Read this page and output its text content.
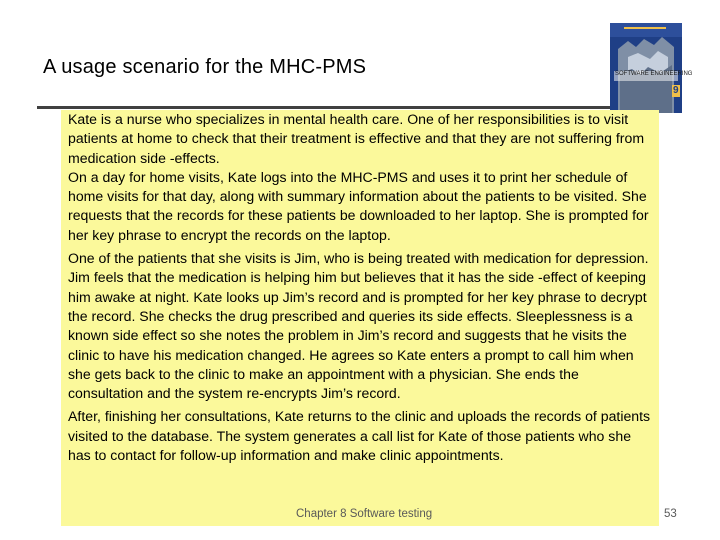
A usage scenario for the MHC-PMS	SOFTWARE ENGINEERING
9

Kate is a nurse who specializes in mental health care. One of her responsibilities is to visit patients at home to check that their treatment is effective and that they are not suffering from medication side -effects.

On a day for home visits, Kate logs into the MHC-PMS and uses it to print her schedule of home visits for that day, along with summary information about the patients to be visited. She requests that the records for these patients be downloaded to her laptop. She is prompted for her key phrase to encrypt the records on the laptop.

One of the patients that she visits is Jim, who is being treated with medication for depression. Jim feels that the medication is helping him but believes that it has the side -effect of keeping him awake at night. Kate looks up Jim’s record and is prompted for her key phrase to decrypt the record. She checks the drug prescribed and queries its side effects. Sleeplessness is a known side effect so she notes the problem in Jim’s record and suggests that he visits the clinic to have his medication changed. He agrees so Kate enters a prompt to call him when she gets back to the clinic to make an appointment with a physician. She ends the consultation and the system re-encrypts Jim’s record.

After, finishing her consultations, Kate returns to the clinic and uploads the records of patients visited to the database. The system generates a call list for Kate of those patients who she has to contact for follow-up information and make clinic appointments.

Chapter 8 Software testing	53
